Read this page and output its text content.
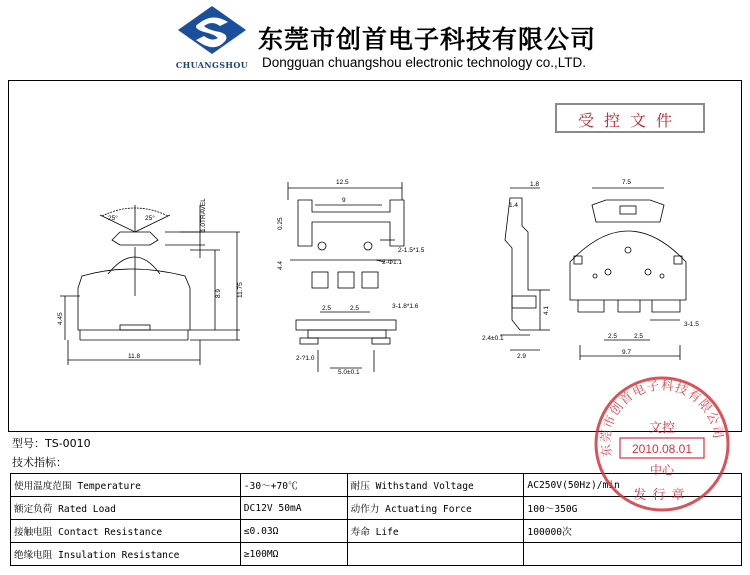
CHUANGSHOU
东莞市创首电子科技有限公司
Dongguan chuangshou electronic technology co.,LTD.
受控文件
25°	25°	1.0TRAVEL
8.9 11.75
4.45
11.8
12.5
9
0.25
4.4
2-1.5*1.5
2-Φ1.1
2.5	2.5	3-1.8*1.6
2-?1.0
5.0±0.1
1.8
1.4
2.4±0.1
2.9
4.1
7.5
2.5	2.5
3-1.5
9.7
型号：TS-0010
技术指标：
使用温度范围 Temperature	-30～+70℃	耐压 Withstand Voltage	AC250V(50Hz)/min
额定负荷 Rated Load	DC12V 50mA	动作力 Actuating Force	100～350G
接触电阻 Contact Resistance	≤0.03Ω	寿命 Life	100000次
绝缘电阻 Insulation Resistance	≥100MΩ		
东莞市创首电子科技有限公司
文控
2010.08.01
中心
发行章
